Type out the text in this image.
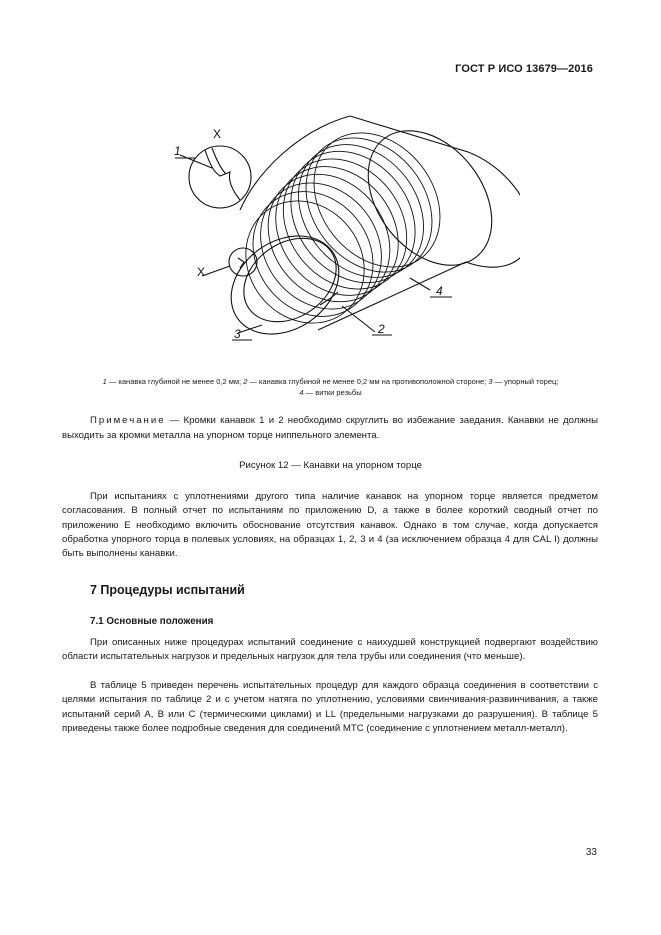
ГОСТ Р ИСО 13679—2016
X
X
1
3	2
4
1 — канавка глубиной не менее 0,2 мм; 2 — канавка глубиной не менее 0,2 мм на противоположной стороне; 3 — упорный торец;
4 — витки резьбы
Примечание — Кромки канавок 1 и 2 необходимо скруглить во избежание заедания. Канавки не должны выходить за кромки металла на упорном торце ниппельного элемента.
Рисунок 12 — Канавки на упорном торце

При испытаниях с уплотнениями другого типа наличие канавок на упорном торце является предметом согласования. В полный отчет по испытаниям по приложению D, а также в более короткий сводный отчет по приложению E необходимо включить обоснование отсутствия канавок. Однако в том случае, когда допускается обработка упорного торца в полевых условиях, на образцах 1, 2, 3 и 4 (за исключением образца 4 для CAL I) должны быть выполнены канавки.

7 Процедуры испытаний
7.1 Основные положения

При описанных ниже процедурах испытаний соединение с наихудшей конструкцией подвергают воздействию области испытательных нагрузок и предельных нагрузок для тела трубы или соединения (что меньше).

В таблице 5 приведен перечень испытательных процедур для каждого образца соединения в соответствии с целями испытания по таблице 2 и с учетом натяга по уплотнению, условиями свинчивания-развинчивания, а также испытаний серий A, B или C (термическими циклами) и LL (предельными нагрузками до разрушения). В таблице 5 приведены также более подробные сведения для соединений MTC (соединение с уплотнением металл-металл).

33
